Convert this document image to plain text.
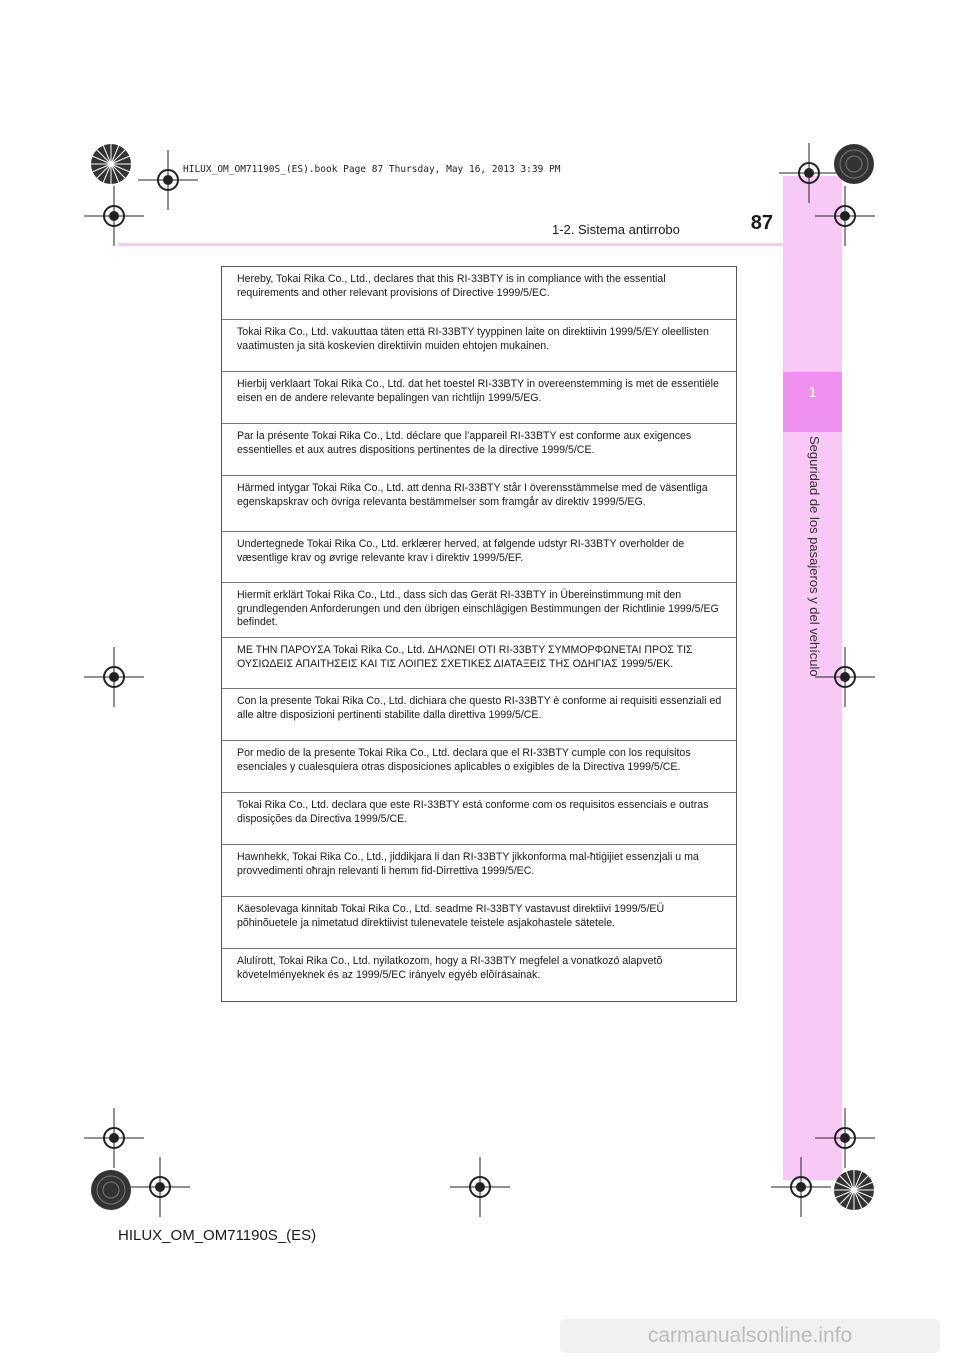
1
Seguridad de los pasajeros y del vehículo
HILUX_OM_OM71190S_(ES).book Page 87 Thursday, May 16, 2013 3:39 PM
1-2. Sistema antirrobo	87
Hereby, Tokai Rika Co., Ltd., declares that this RI-33BTY is in compliance with the essential requirements and other relevant provisions of Directive 1999/5/EC.
Tokai Rika Co., Ltd. vakuuttaa täten että RI-33BTY tyyppinen laite on direktiivin 1999/5/EY oleellisten vaatimusten ja sitä koskevien direktiivin muiden ehtojen mukainen.
Hierbij verklaart Tokai Rika Co., Ltd. dat het toestel RI-33BTY in overeenstemming is met de essentiële eisen en de andere relevante bepalingen van richtlijn 1999/5/EG.
Par la présente Tokai Rika Co., Ltd. déclare que l’appareil RI-33BTY est conforme aux exigences essentielles et aux autres dispositions pertinentes de la directive 1999/5/CE.
Härmed intygar Tokai Rika Co., Ltd. att denna RI-33BTY står I överensstämmelse med de väsentliga egenskapskrav och övriga relevanta bestämmelser som framgår av direktiv 1999/5/EG.
Undertegnede Tokai Rika Co., Ltd. erklærer herved, at følgende udstyr RI-33BTY overholder de væsentlige krav og øvrige relevante krav i direktiv 1999/5/EF.
Hiermit erklärt Tokai Rika Co., Ltd., dass sich das Gerät RI-33BTY in Übereinstimmung mit den grundlegenden Anforderungen und den übrigen einschlägigen Bestimmungen der Richtlinie 1999/5/EG befindet.
ΜΕ ΤΗΝ ΠΑΡΟΥΣΑ Tokai Rika Co., Ltd. ΔΗΛΩΝΕΙ ΟΤΙ RI-33BTY ΣΥΜΜΟΡΦΩΝΕΤΑΙ ΠΡΟΣ ΤΙΣ ΟΥΣΙΩΔΕΙΣ ΑΠΑΙΤΗΣΕΙΣ ΚΑΙ ΤΙΣ ΛΟΙΠΕΣ ΣΧΕΤΙΚΕΣ ΔΙΑΤΑΞΕΙΣ ΤΗΣ ΟΔΗΓΙΑΣ 1999/5/ΕΚ.
Con la presente Tokai Rika Co., Ltd. dichiara che questo RI-33BTY è conforme ai requisiti essenziali ed alle altre disposizioni pertinenti stabilite dalla direttiva 1999/5/CE.
Por medio de la presente Tokai Rika Co., Ltd. declara que el RI-33BTY cumple con los requisitos esenciales y cualesquiera otras disposiciones aplicables o exigibles de la Directiva 1999/5/CE.
Tokai Rika Co., Ltd. declara que este RI-33BTY está conforme com os requisitos essenciais e outras disposições da Directiva 1999/5/CE.
Hawnhekk, Tokai Rika Co., Ltd., jiddikjara li dan RI-33BTY jikkonforma mal-ħtiġijiet essenzjali u ma provvedimenti oħrajn relevanti li hemm fid-Dirrettiva 1999/5/EC.
Käesolevaga kinnitab Tokai Rika Co., Ltd. seadme RI-33BTY vastavust direktiivi 1999/5/EÜ põhinõuetele ja nimetatud direktiivist tulenevatele teistele asjakohastele sätetele.
Alulírott, Tokai Rika Co., Ltd. nyilatkozom, hogy a RI-33BTY megfelel a vonatkozó alapvetõ követelményeknek és az 1999/5/EC irányelv egyéb elõírásainak.
HILUX_OM_OM71190S_(ES)
carmanualsonline.info
